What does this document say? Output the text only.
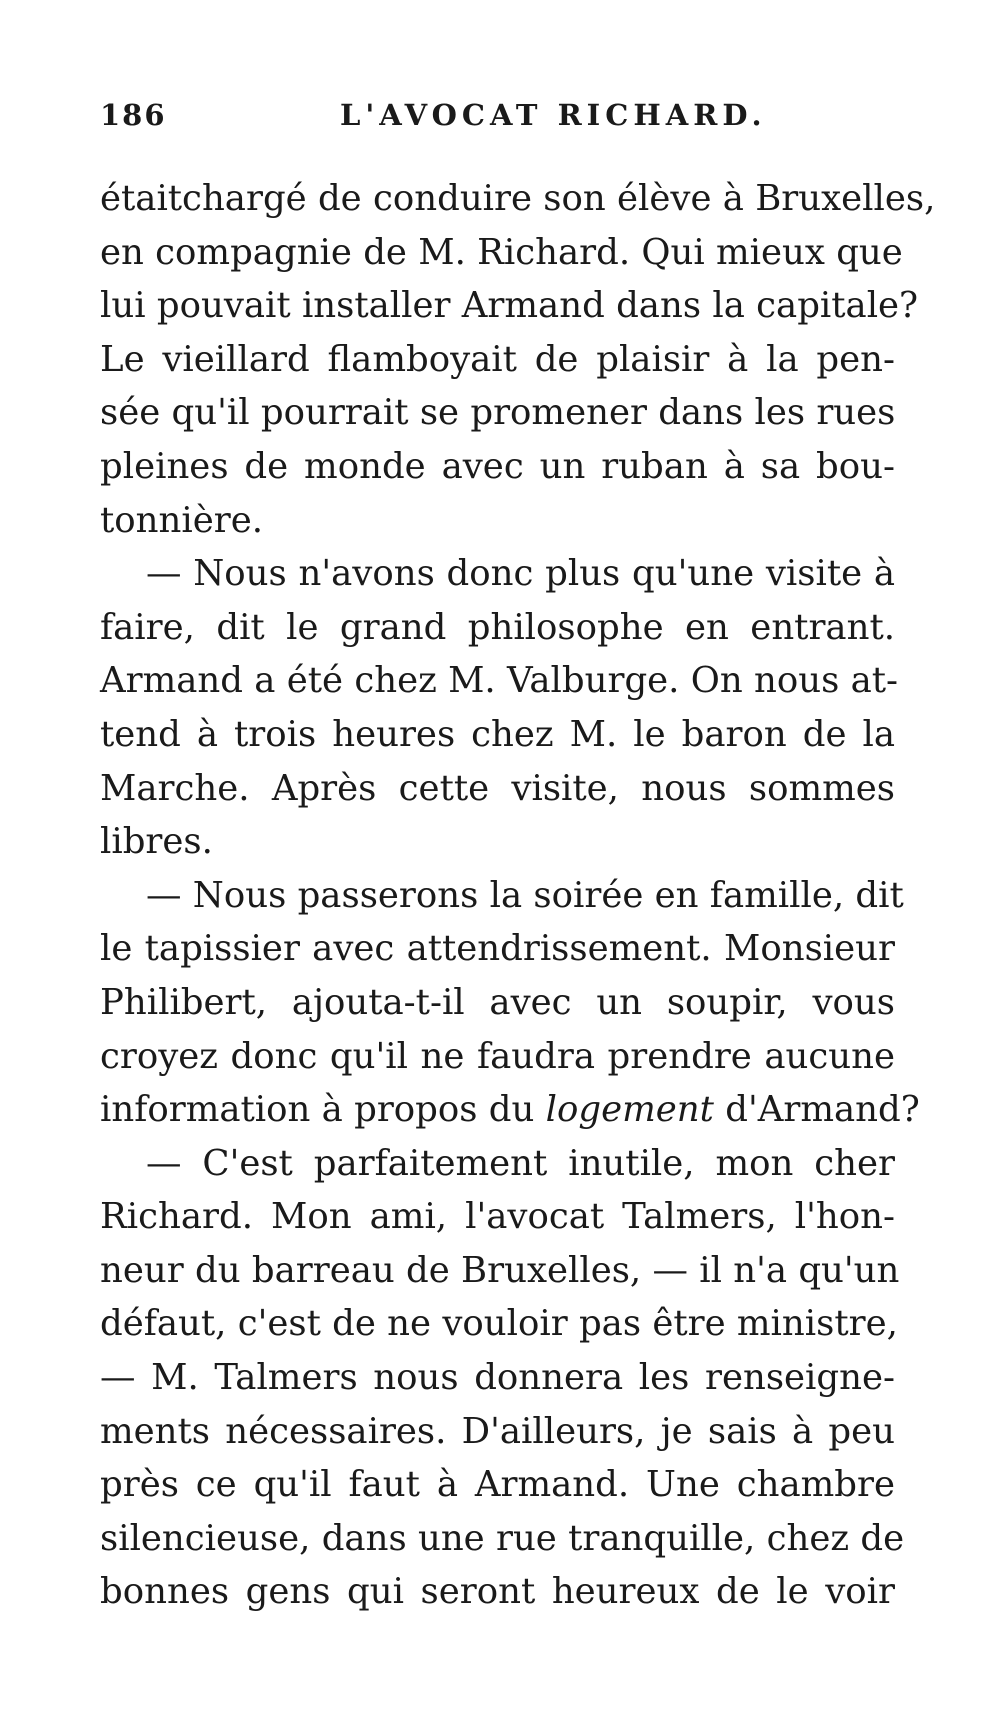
186	L'AVOCAT RICHARD.
étaitchargé de conduire son élève à Bruxelles,
en compagnie de M. Richard. Qui mieux que
lui pouvait installer Armand dans la capitale?
Le vieillard flamboyait de plaisir à la pen-
sée qu'il pourrait se promener dans les rues
pleines de monde avec un ruban à sa bou-
tonnière.
— Nous n'avons donc plus qu'une visite à
faire, dit le grand philosophe en entrant.
Armand a été chez M. Valburge. On nous at-
tend à trois heures chez M. le baron de la
Marche. Après cette visite, nous sommes
libres.
— Nous passerons la soirée en famille, dit
le tapissier avec attendrissement. Monsieur
Philibert, ajouta-t-il avec un soupir, vous
croyez donc qu'il ne faudra prendre aucune
information à propos du logement d'Armand?
— C'est parfaitement inutile, mon cher
Richard. Mon ami, l'avocat Talmers, l'hon-
neur du barreau de Bruxelles, — il n'a qu'un
défaut, c'est de ne vouloir pas être ministre,
— M. Talmers nous donnera les renseigne-
ments nécessaires. D'ailleurs, je sais à peu
près ce qu'il faut à Armand. Une chambre
silencieuse, dans une rue tranquille, chez de
bonnes gens qui seront heureux de le voir
